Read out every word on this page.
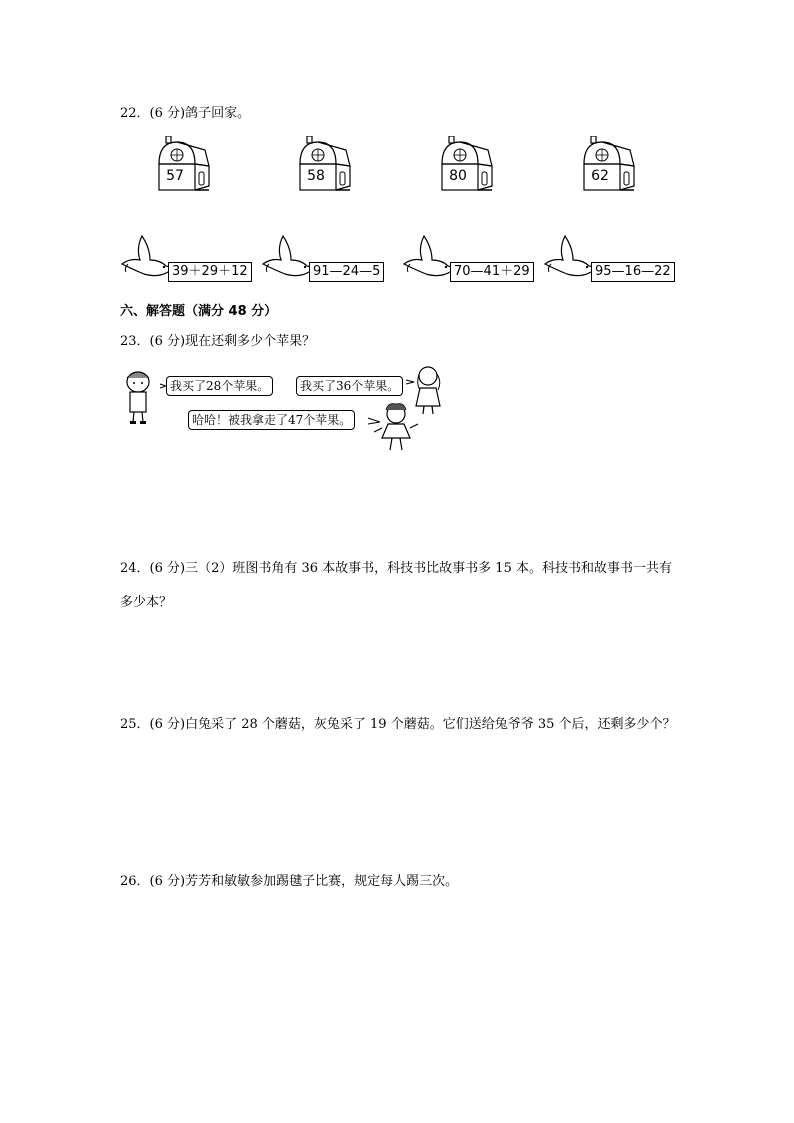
22．(6 分)鸽子回家。
57	58	80	62
39＋29＋12	91—24—5	70—41＋29	95—16—22
六、解答题（满分 48 分）
23．(6 分)现在还剩多少个苹果？
我买了28个苹果。	我买了36个苹果。
哈哈！被我拿走了47个苹果。
24．(6 分)三（2）班图书角有 36 本故事书，科技书比故事书多 15 本。科技书和故事书一共有多少本？
25．(6 分)白兔采了 28 个蘑菇，灰兔采了 19 个蘑菇。它们送给兔爷爷 35 个后，还剩多少个？
26．(6 分)芳芳和敏敏参加踢毽子比赛，规定每人踢三次。
